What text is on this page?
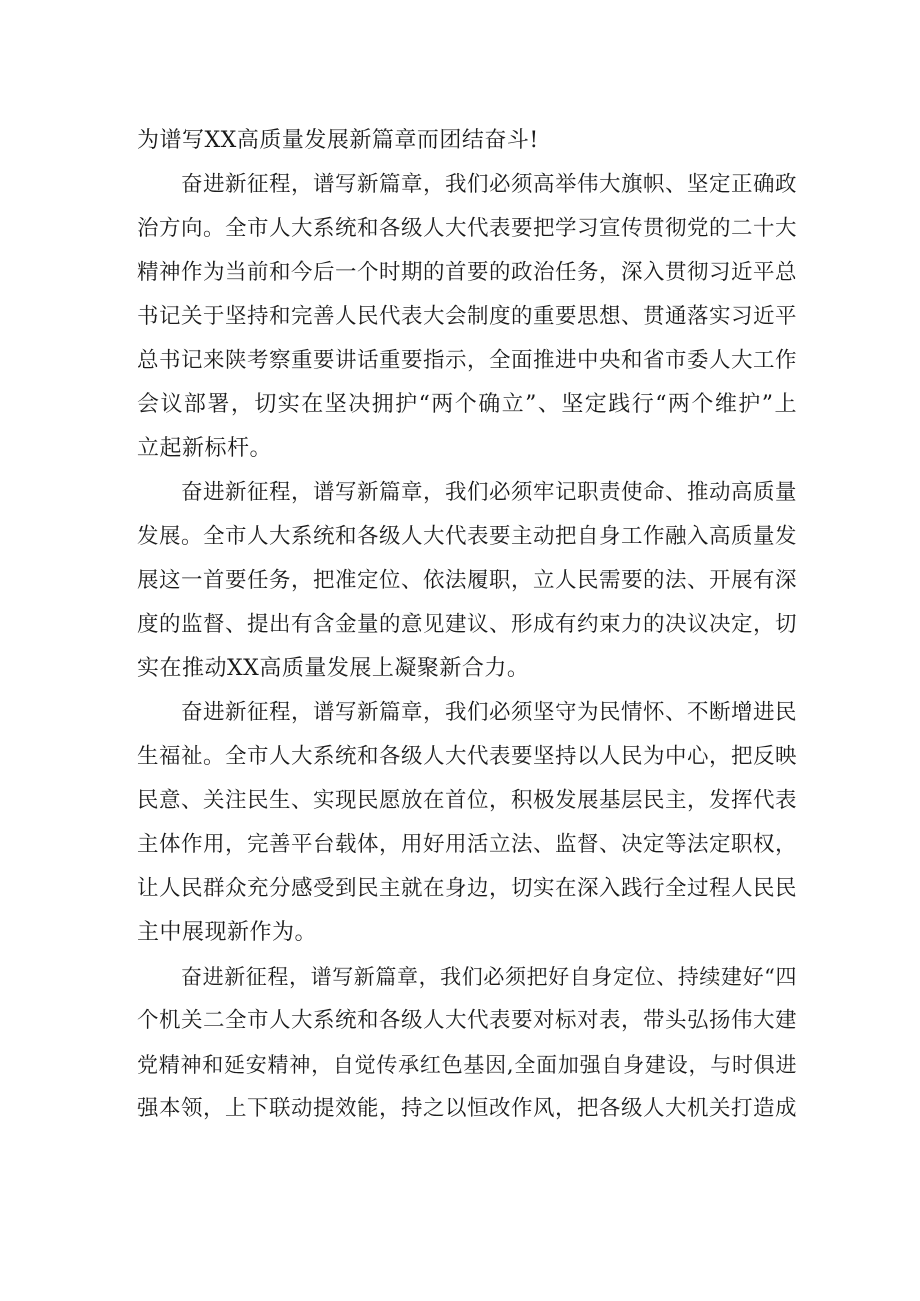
为谱写XX高质量发展新篇章而团结奋斗!
奋进新征程，谱写新篇章，我们必须高举伟大旗帜、坚定正确政
治方向。全市人大系统和各级人大代表要把学习宣传贯彻党的二十大
精神作为当前和今后一个时期的首要的政治任务，深入贯彻习近平总
书记关于坚持和完善人民代表大会制度的重要思想、贯通落实习近平
总书记来陕考察重要讲话重要指示，全面推进中央和省市委人大工作
会议部署，切实在坚决拥护“两个确立”、坚定践行“两个维护”上
立起新标杆。
奋进新征程，谱写新篇章，我们必须牢记职责使命、推动高质量
发展。全市人大系统和各级人大代表要主动把自身工作融入高质量发
展这一首要任务，把准定位、依法履职，立人民需要的法、开展有深
度的监督、提出有含金量的意见建议、形成有约束力的决议决定，切
实在推动XX高质量发展上凝聚新合力。
奋进新征程，谱写新篇章，我们必须坚守为民情怀、不断增进民
生福祉。全市人大系统和各级人大代表要坚持以人民为中心，把反映
民意、关注民生、实现民愿放在首位，积极发展基层民主，发挥代表
主体作用，完善平台载体，用好用活立法、监督、决定等法定职权，
让人民群众充分感受到民主就在身边，切实在深入践行全过程人民民
主中展现新作为。
奋进新征程，谱写新篇章，我们必须把好自身定位、持续建好“四
个机关二全市人大系统和各级人大代表要对标对表，带头弘扬伟大建
党精神和延安精神，自觉传承红色基因,全面加强自身建设，与时俱进
强本领，上下联动提效能，持之以恒改作风，把各级人大机关打造成
